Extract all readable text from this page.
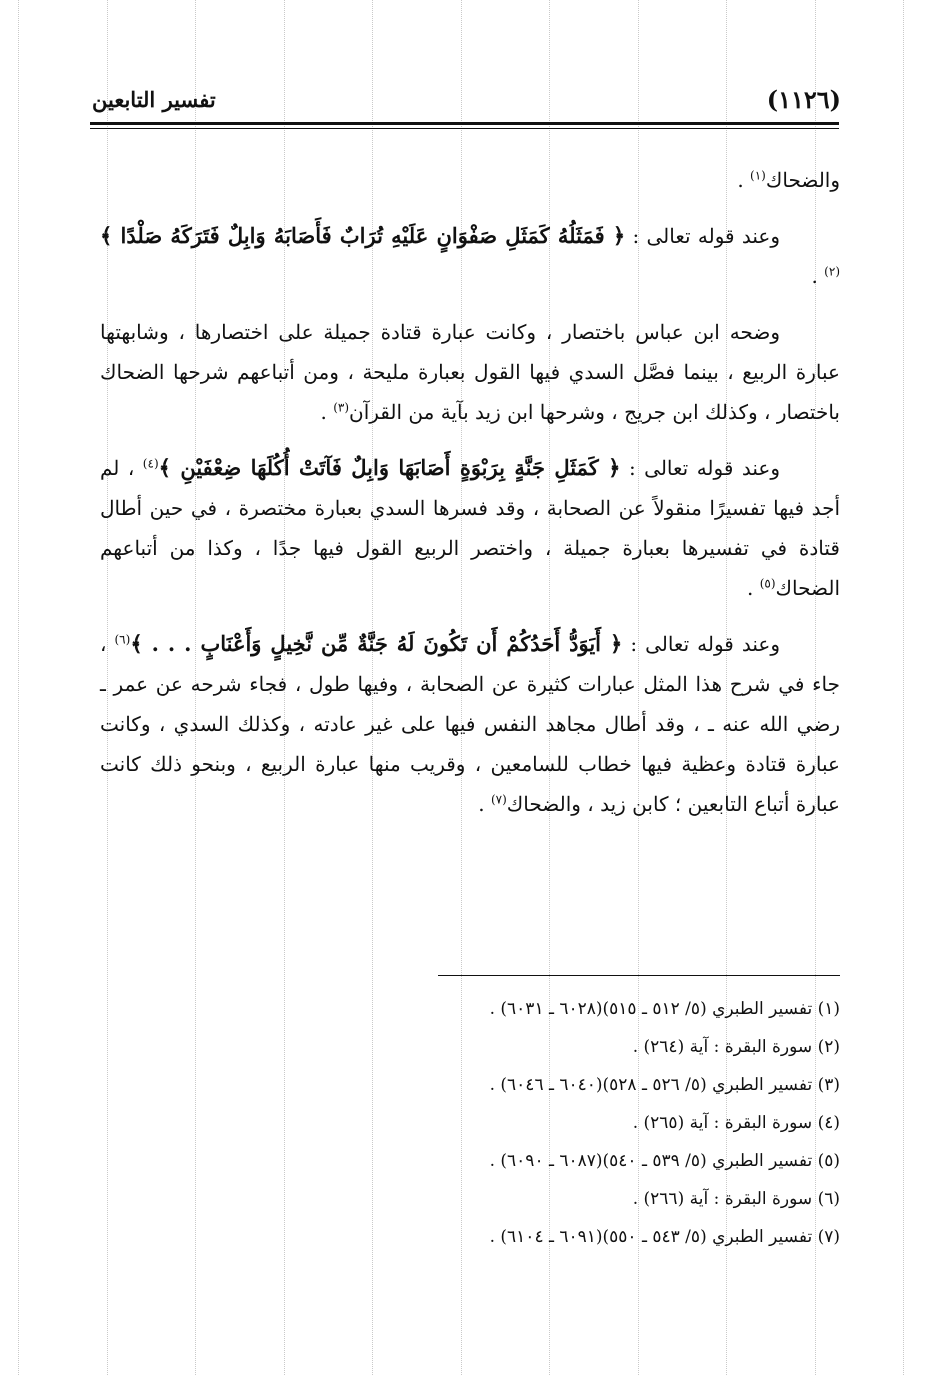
تفسير التابعين	(١١٢٦)

والضحاك$^{(١)}$ .

وعند قوله تعالى : ﴿ فَمَثَلُهُ كَمَثَلِ صَفْوَانٍ عَلَيْهِ تُرَابٌ فَأَصَابَهُ وَابِلٌ فَتَرَكَهُ صَلْدًا ﴾$^{(٢)}$ .

وضحه ابن عباس باختصار ، وكانت عبارة قتادة جميلة على اختصارها ، وشابهتها عبارة الربيع ، بينما فصَّل السدي فيها القول بعبارة مليحة ، ومن أتباعهم شرحها الضحاك باختصار ، وكذلك ابن جريج ، وشرحها ابن زيد بآية من القرآن$^{(٣)}$ .

وعند قوله تعالى : ﴿ كَمَثَلِ جَنَّةٍ بِرَبْوَةٍ أَصَابَهَا وَابِلٌ فَآتَتْ أُكُلَهَا ضِعْفَيْنِ ﴾$^{(٤)}$ ، لم أجد فيها تفسيرًا منقولاً عن الصحابة ، وقد فسرها السدي بعبارة مختصرة ، في حين أطال قتادة في تفسيرها بعبارة جميلة ، واختصر الربيع القول فيها جدًا ، وكذا من أتباعهم الضحاك$^{(٥)}$ .

وعند قوله تعالى : ﴿ أَيَوَدُّ أَحَدُكُمْ أَن تَكُونَ لَهُ جَنَّةٌ مِّن نَّخِيلٍ وَأَعْنَابٍ . . . ﴾$^{(٦)}$ ، جاء في شرح هذا المثل عبارات كثيرة عن الصحابة ، وفيها طول ، فجاء شرحه عن عمر ـ رضي الله عنه ـ ، وقد أطال مجاهد النفس فيها على غير عادته ، وكذلك السدي ، وكانت عبارة قتادة وعظية فيها خطاب للسامعين ، وقريب منها عبارة الربيع ، وبنحو ذلك كانت عبارة أتباع التابعين ؛ كابن زيد ، والضحاك$^{(٧)}$ .

(١) تفسير الطبري (٥/ ٥١٢ ـ ٥١٥)(٦٠٢٨ ـ ٦٠٣١) .
(٢) سورة البقرة : آية (٢٦٤) .
(٣) تفسير الطبري (٥/ ٥٢٦ ـ ٥٢٨)(٦٠٤٠ ـ ٦٠٤٦) .
(٤) سورة البقرة : آية (٢٦٥) .
(٥) تفسير الطبري (٥/ ٥٣٩ ـ ٥٤٠)(٦٠٨٧ ـ ٦٠٩٠) .
(٦) سورة البقرة : آية (٢٦٦) .
(٧) تفسير الطبري (٥/ ٥٤٣ ـ ٥٥٠)(٦٠٩١ ـ ٦١٠٤) .
